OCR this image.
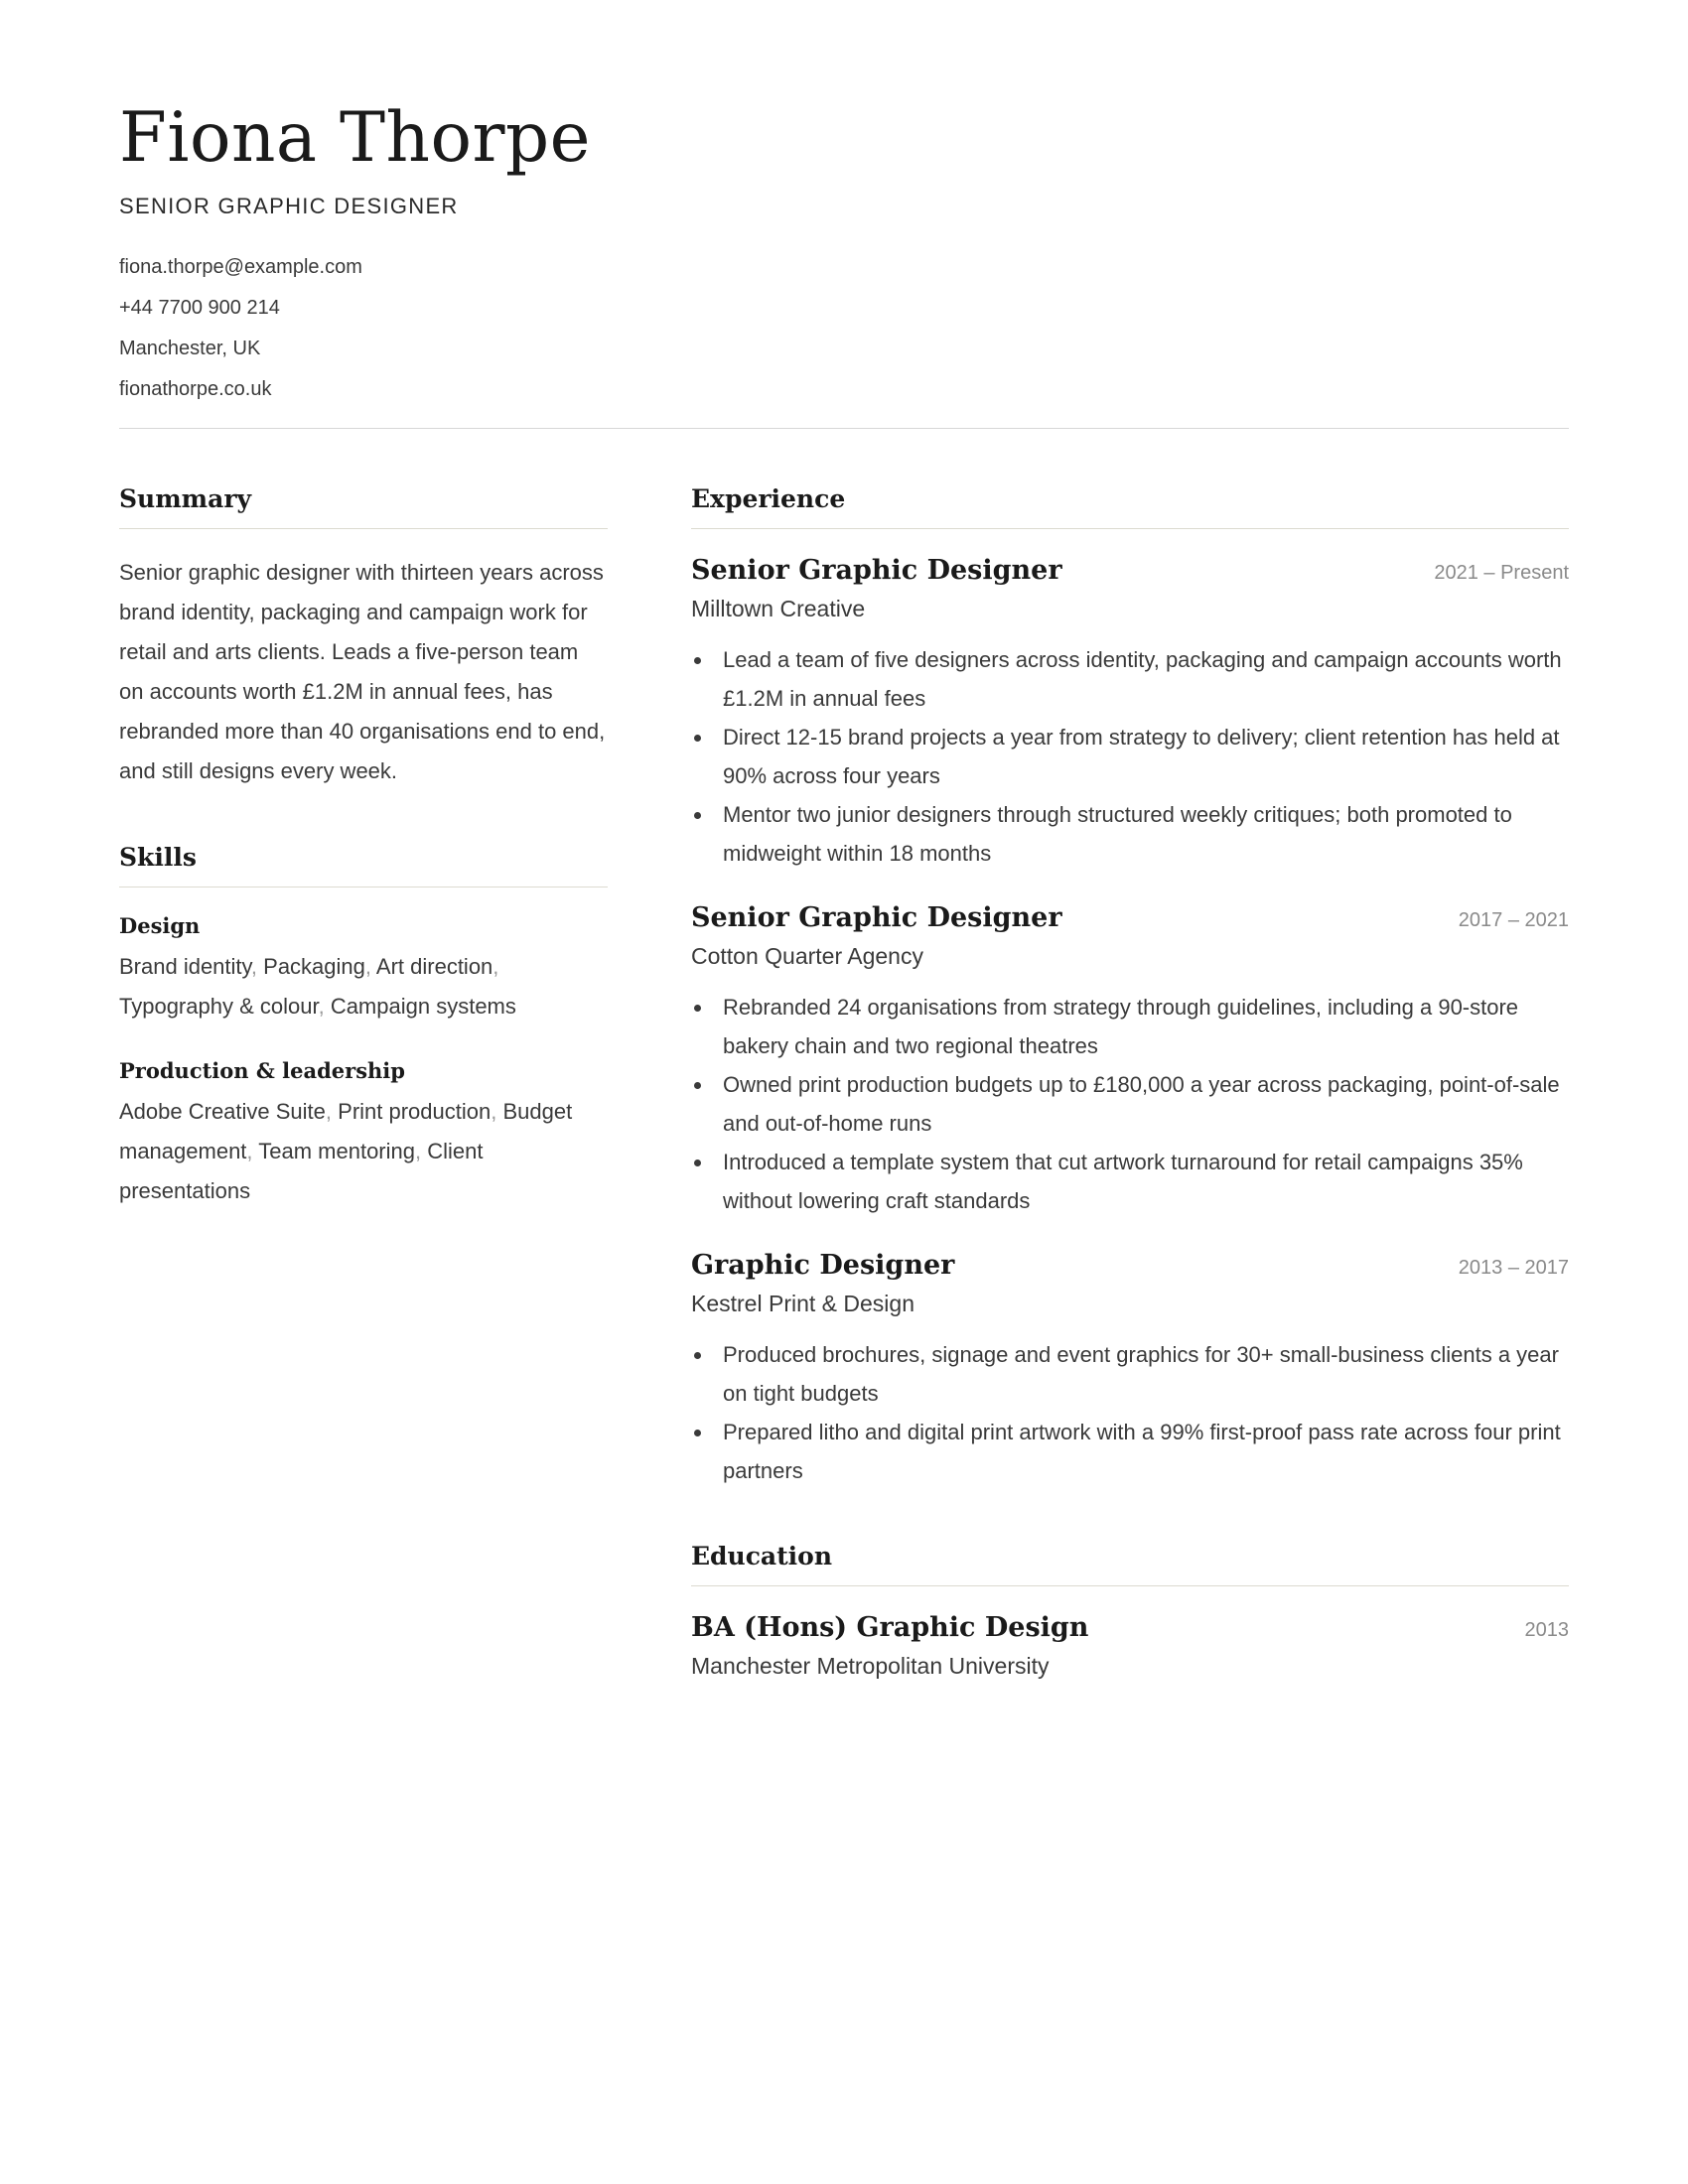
Fiona Thorpe
SENIOR GRAPHIC DESIGNER
fiona.thorpe@example.com
+44 7700 900 214
Manchester, UK
fionathorpe.co.uk
Summary

Senior graphic designer with thirteen years across brand identity, packaging and campaign work for retail and arts clients. Leads a five-person team on accounts worth £1.2M in annual fees, has rebranded more than 40 organisations end to end, and still designs every week.

Skills
Design
Brand identity, Packaging, Art direction, Typography & colour, Campaign systems
Production & leadership
Adobe Creative Suite, Print production, Budget management, Team mentoring, Client presentations
Experience
Senior Graphic Designer	2021 – Present
Milltown Creative
Lead a team of five designers across identity, packaging and campaign accounts worth £1.2M in annual fees
Direct 12-15 brand projects a year from strategy to delivery; client retention has held at 90% across four years
Mentor two junior designers through structured weekly critiques; both promoted to midweight within 18 months
Senior Graphic Designer	2017 – 2021
Cotton Quarter Agency
Rebranded 24 organisations from strategy through guidelines, including a 90-store bakery chain and two regional theatres
Owned print production budgets up to £180,000 a year across packaging, point-of-sale and out-of-home runs
Introduced a template system that cut artwork turnaround for retail campaigns 35% without lowering craft standards
Graphic Designer	2013 – 2017
Kestrel Print & Design
Produced brochures, signage and event graphics for 30+ small-business clients a year on tight budgets
Prepared litho and digital print artwork with a 99% first-proof pass rate across four print partners
Education
BA (Hons) Graphic Design	2013
Manchester Metropolitan University
